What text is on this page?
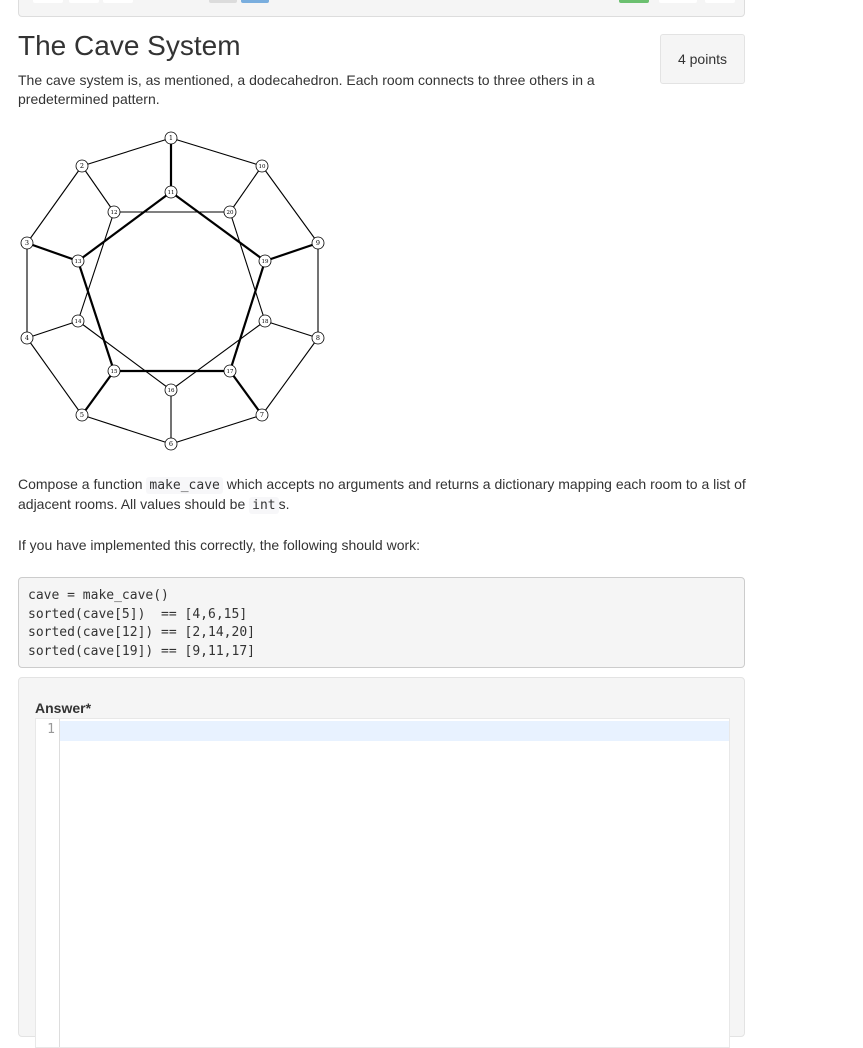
The Cave System	4 points

The cave system is, as mentioned, a dodecahedron. Each room connects to three others in a predetermined pattern.

1
2
3
4
5
6
7
8
9
10
11
12
13
14
15
16
17
18
19
20

Compose a function make_cave which accepts no arguments and returns a dictionary mapping each room to a list of adjacent rooms. All values should be int s.

If you have implemented this correctly, the following should work:

cave = make_cave()
sorted(cave[5])  == [4,6,15]
sorted(cave[12]) == [2,14,20]
sorted(cave[19]) == [9,11,17]
Answer*
1
